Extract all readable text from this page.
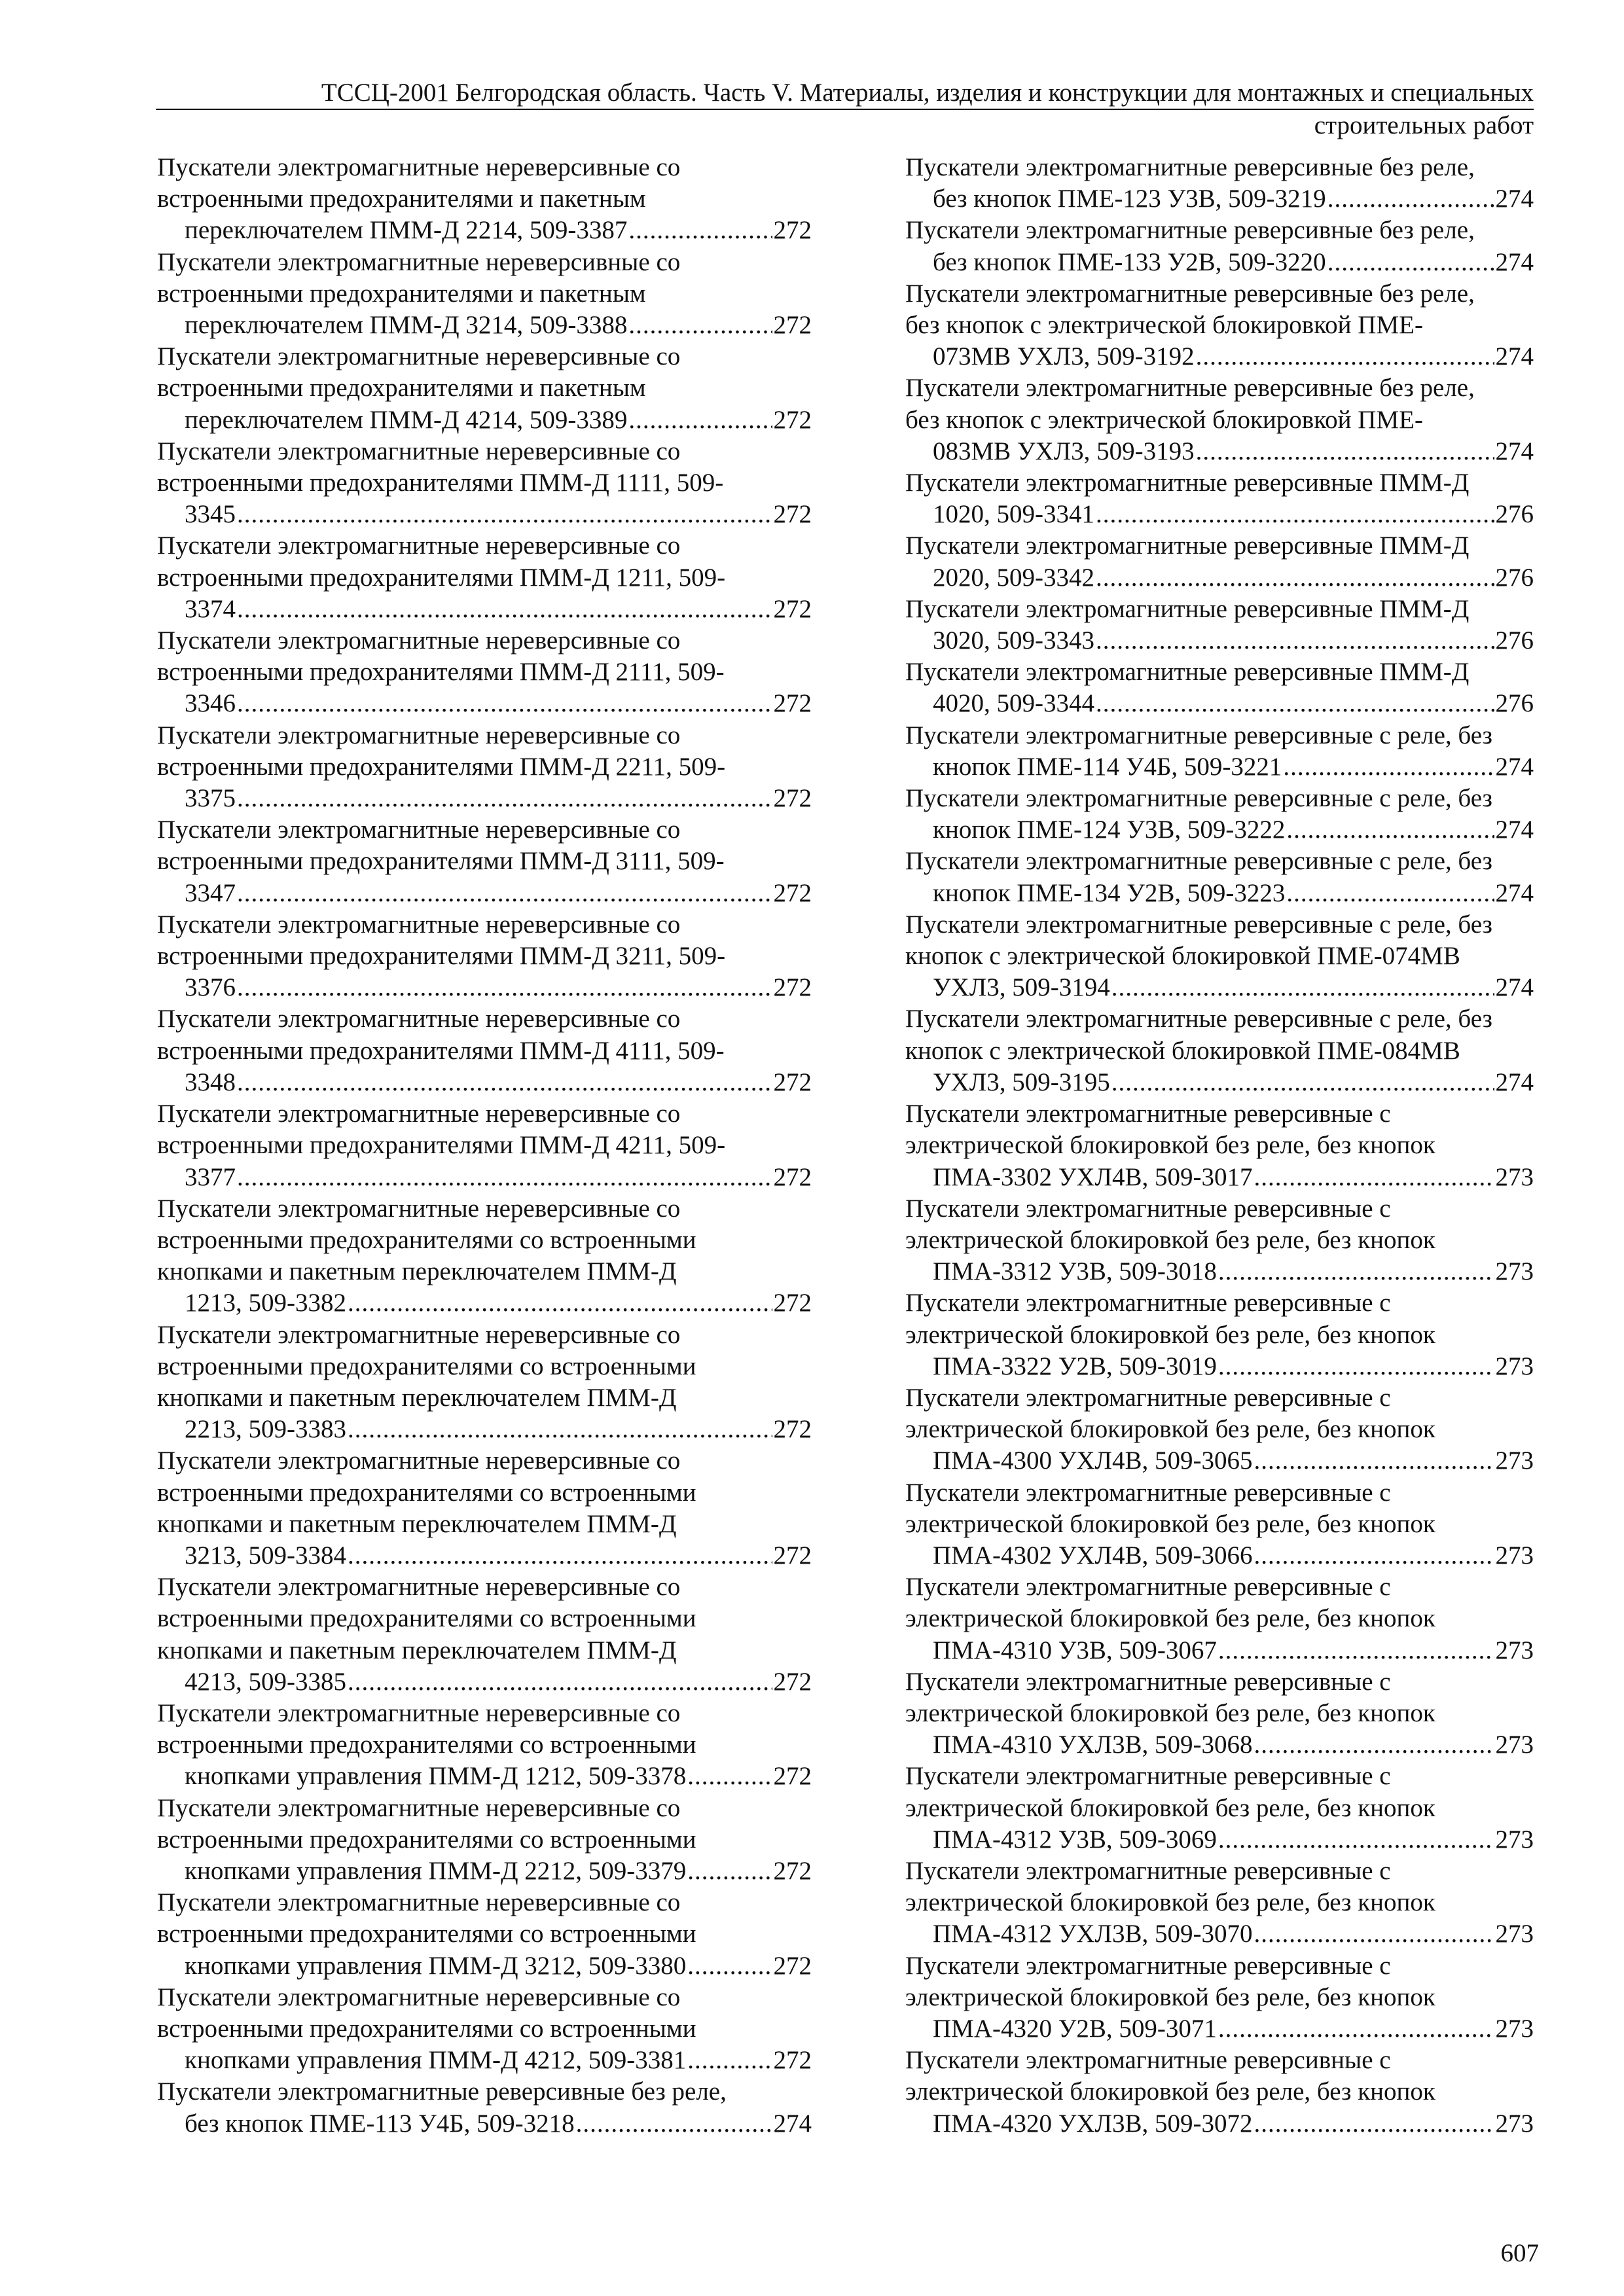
ТССЦ-2001 Белгородская область. Часть V. Материалы, изделия и конструкции для монтажных и специальных
строительных работ
Пускатели электромагнитные нереверсивные со
встроенными предохранителями и пакетным
переключателем ПММ-Д 2214, 509-3387 .....	272
Пускатели электромагнитные нереверсивные со
встроенными предохранителями и пакетным
переключателем ПММ-Д 3214, 509-3388 .....	272
Пускатели электромагнитные нереверсивные со
встроенными предохранителями и пакетным
переключателем ПММ-Д 4214, 509-3389 .....	272
Пускатели электромагнитные нереверсивные со
встроенными предохранителями ПММ-Д 1111, 509-
3345 .....	272
Пускатели электромагнитные нереверсивные со
встроенными предохранителями ПММ-Д 1211, 509-
3374 .....	272
Пускатели электромагнитные нереверсивные со
встроенными предохранителями ПММ-Д 2111, 509-
3346 .....	272
Пускатели электромагнитные нереверсивные со
встроенными предохранителями ПММ-Д 2211, 509-
3375 .....	272
Пускатели электромагнитные нереверсивные со
встроенными предохранителями ПММ-Д 3111, 509-
3347 .....	272
Пускатели электромагнитные нереверсивные со
встроенными предохранителями ПММ-Д 3211, 509-
3376 .....	272
Пускатели электромагнитные нереверсивные со
встроенными предохранителями ПММ-Д 4111, 509-
3348 .....	272
Пускатели электромагнитные нереверсивные со
встроенными предохранителями ПММ-Д 4211, 509-
3377 .....	272
Пускатели электромагнитные нереверсивные со
встроенными предохранителями со встроенными
кнопками и пакетным переключателем ПММ-Д
1213, 509-3382 .....	272
Пускатели электромагнитные нереверсивные со
встроенными предохранителями со встроенными
кнопками и пакетным переключателем ПММ-Д
2213, 509-3383 .....	272
Пускатели электромагнитные нереверсивные со
встроенными предохранителями со встроенными
кнопками и пакетным переключателем ПММ-Д
3213, 509-3384 .....	272
Пускатели электромагнитные нереверсивные со
встроенными предохранителями со встроенными
кнопками и пакетным переключателем ПММ-Д
4213, 509-3385 .....	272
Пускатели электромагнитные нереверсивные со
встроенными предохранителями со встроенными
кнопками управления ПММ-Д 1212, 509-3378 .....	272
Пускатели электромагнитные нереверсивные со
встроенными предохранителями со встроенными
кнопками управления ПММ-Д 2212, 509-3379 .....	272
Пускатели электромагнитные нереверсивные со
встроенными предохранителями со встроенными
кнопками управления ПММ-Д 3212, 509-3380 .....	272
Пускатели электромагнитные нереверсивные со
встроенными предохранителями со встроенными
кнопками управления ПММ-Д 4212, 509-3381 .....	272
Пускатели электромагнитные реверсивные без реле,
без кнопок ПМЕ-113 У4Б, 509-3218 .....	274
Пускатели электромагнитные реверсивные без реле,
без кнопок ПМЕ-123 У3В, 509-3219 .....	274
Пускатели электромагнитные реверсивные без реле,
без кнопок ПМЕ-133 У2В, 509-3220 .....	274
Пускатели электромагнитные реверсивные без реле,
без кнопок с электрической блокировкой ПМЕ-
073МВ УХЛ3, 509-3192 .....	274
Пускатели электромагнитные реверсивные без реле,
без кнопок с электрической блокировкой ПМЕ-
083МВ УХЛ3, 509-3193 .....	274
Пускатели электромагнитные реверсивные ПММ-Д
1020, 509-3341 .....	276
Пускатели электромагнитные реверсивные ПММ-Д
2020, 509-3342 .....	276
Пускатели электромагнитные реверсивные ПММ-Д
3020, 509-3343 .....	276
Пускатели электромагнитные реверсивные ПММ-Д
4020, 509-3344 .....	276
Пускатели электромагнитные реверсивные с реле, без
кнопок ПМЕ-114 У4Б, 509-3221 .....	274
Пускатели электромагнитные реверсивные с реле, без
кнопок ПМЕ-124 У3В, 509-3222 .....	274
Пускатели электромагнитные реверсивные с реле, без
кнопок ПМЕ-134 У2В, 509-3223 .....	274
Пускатели электромагнитные реверсивные с реле, без
кнопок с электрической блокировкой ПМЕ-074МВ
УХЛ3, 509-3194 .....	274
Пускатели электромагнитные реверсивные с реле, без
кнопок с электрической блокировкой ПМЕ-084МВ
УХЛ3, 509-3195 .....	274
Пускатели электромагнитные реверсивные с
электрической блокировкой без реле, без кнопок
ПМА-3302 УХЛ4В, 509-3017 .....	273
Пускатели электромагнитные реверсивные с
электрической блокировкой без реле, без кнопок
ПМА-3312 У3В, 509-3018 .....	273
Пускатели электромагнитные реверсивные с
электрической блокировкой без реле, без кнопок
ПМА-3322 У2В, 509-3019 .....	273
Пускатели электромагнитные реверсивные с
электрической блокировкой без реле, без кнопок
ПМА-4300 УХЛ4В, 509-3065 .....	273
Пускатели электромагнитные реверсивные с
электрической блокировкой без реле, без кнопок
ПМА-4302 УХЛ4В, 509-3066 .....	273
Пускатели электромагнитные реверсивные с
электрической блокировкой без реле, без кнопок
ПМА-4310 У3В, 509-3067 .....	273
Пускатели электромагнитные реверсивные с
электрической блокировкой без реле, без кнопок
ПМА-4310 УХЛ3В, 509-3068 .....	273
Пускатели электромагнитные реверсивные с
электрической блокировкой без реле, без кнопок
ПМА-4312 У3В, 509-3069 .....	273
Пускатели электромагнитные реверсивные с
электрической блокировкой без реле, без кнопок
ПМА-4312 УХЛ3В, 509-3070 .....	273
Пускатели электромагнитные реверсивные с
электрической блокировкой без реле, без кнопок
ПМА-4320 У2В, 509-3071 .....	273
Пускатели электромагнитные реверсивные с
электрической блокировкой без реле, без кнопок
ПМА-4320 УХЛ3В, 509-3072 .....	273
607
